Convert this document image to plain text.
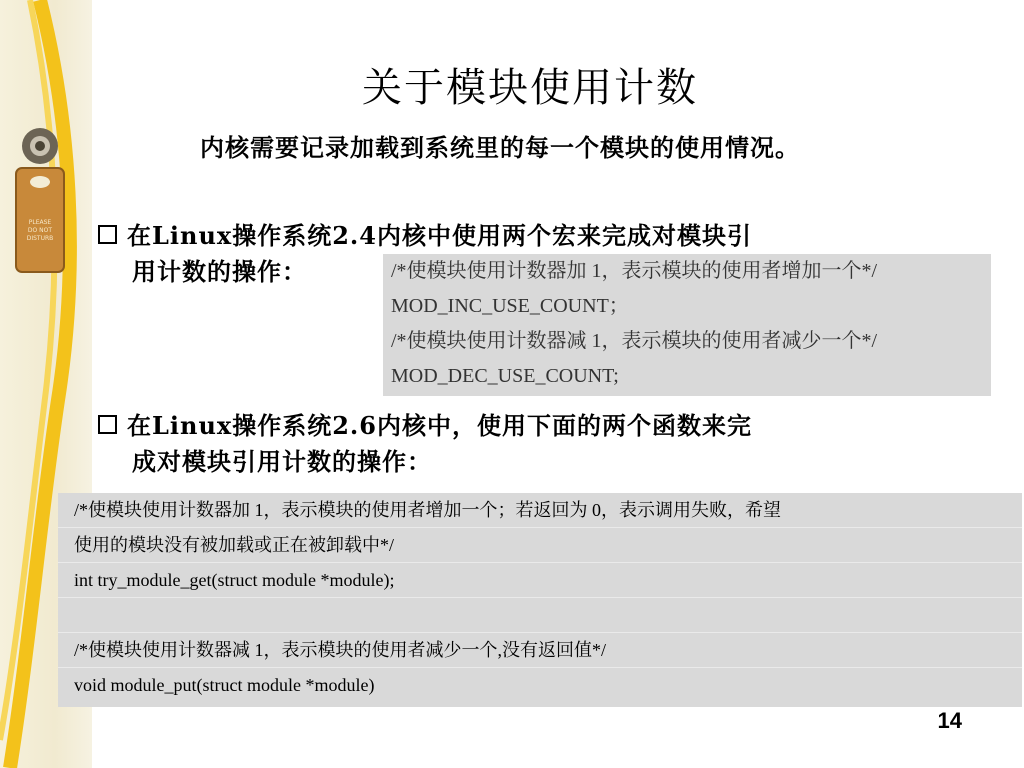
PLEASE
DO NOT
DISTURB
关于模块使用计数
内核需要记录加载到系统里的每一个模块的使用情况。
在Linux操作系统2.4内核中使用两个宏来完成对模块引
用计数的操作：	/*使模块使用计数器加 1，表示模块的使用者增加一个*/
MOD_INC_USE_COUNT；
/*使模块使用计数器减 1，表示模块的使用者减少一个*/
MOD_DEC_USE_COUNT;
在Linux操作系统2.6内核中，使用下面的两个函数来完
成对模块引用计数的操作：
/*使模块使用计数器加 1，表示模块的使用者增加一个；若返回为 0，表示调用失败，希望
使用的模块没有被加载或正在被卸载中*/
int try_module_get(struct module *module);
/*使模块使用计数器减 1，表示模块的使用者减少一个,没有返回值*/
void module_put(struct module *module)
14
